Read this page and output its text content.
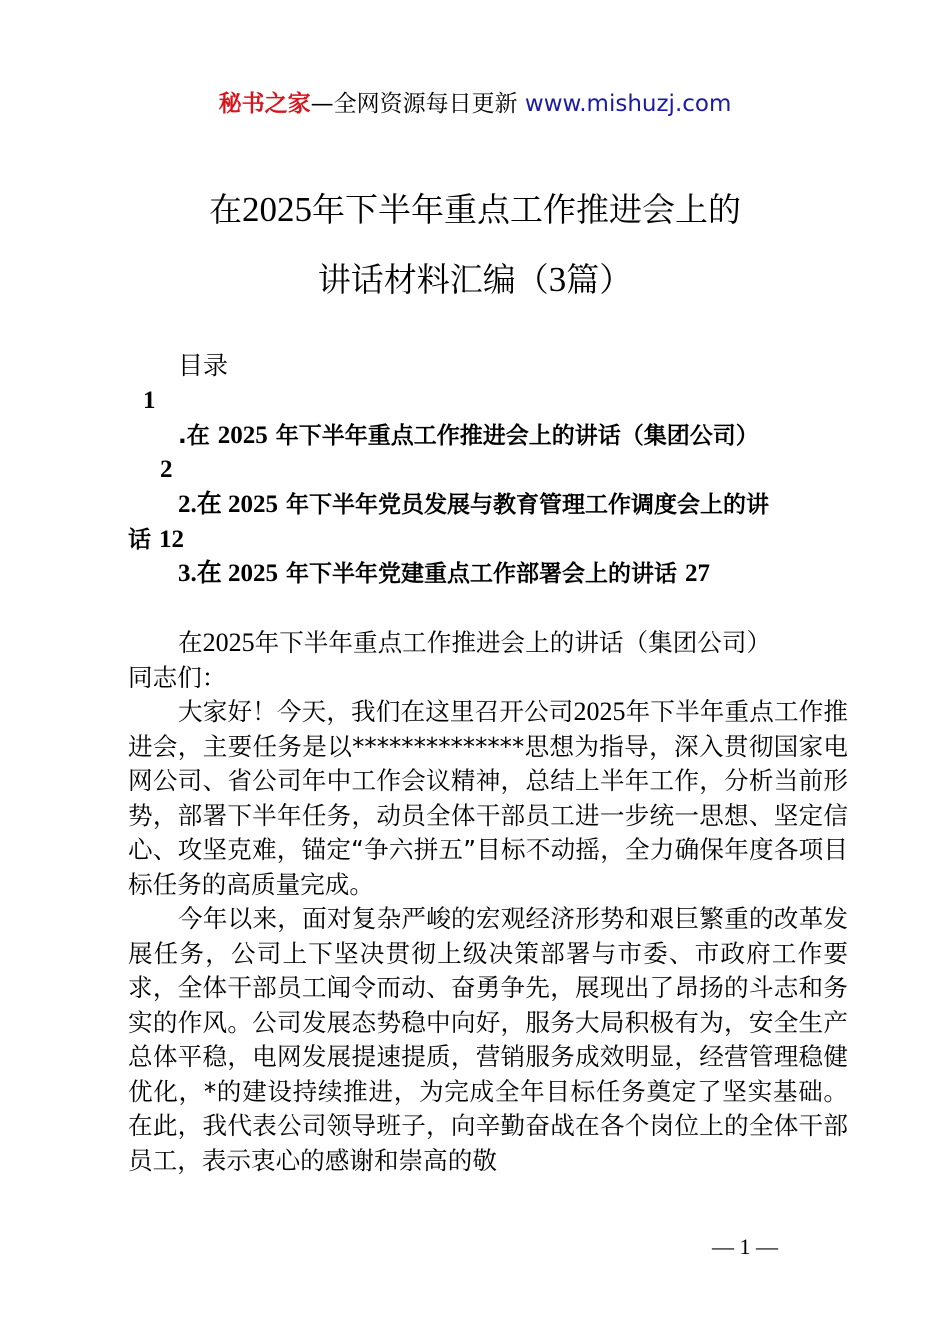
秘书之家—全网资源每日更新 www.mishuzj.com
在2025年下半年重点工作推进会上的
讲话材料汇编（3篇）
目录
1
.在 2025 年下半年重点工作推进会上的讲话（集团公司）
2
2.在 2025 年下半年党员发展与教育管理工作调度会上的讲
话 12
3.在 2025 年下半年党建重点工作部署会上的讲话 27

在2025年下半年重点工作推进会上的讲话（集团公司）

同志们：

大家好！今天，我们在这里召开公司2025年下半年重点工作推进会，主要任务是以**************思想为指导，深入贯彻国家电网公司、省公司年中工作会议精神，总结上半年工作，分析当前形势，部署下半年任务，动员全体干部员工进一步统一思想、坚定信心、攻坚克难，锚定“争六拼五”目标不动摇，全力确保年度各项目标任务的高质量完成。

今年以来，面对复杂严峻的宏观经济形势和艰巨繁重的改革发展任务，公司上下坚决贯彻上级决策部署与市委、市政府工作要求，全体干部员工闻令而动、奋勇争先，展现出了昂扬的斗志和务实的作风。公司发展态势稳中向好，服务大局积极有为，安全生产总体平稳，电网发展提速提质，营销服务成效明显，经营管理稳健优化，*的建设持续推进，为完成全年目标任务奠定了坚实基础。在此，我代表公司领导班子，向辛勤奋战在各个岗位上的全体干部员工，表示衷心的感谢和崇高的敬

— 1 —
